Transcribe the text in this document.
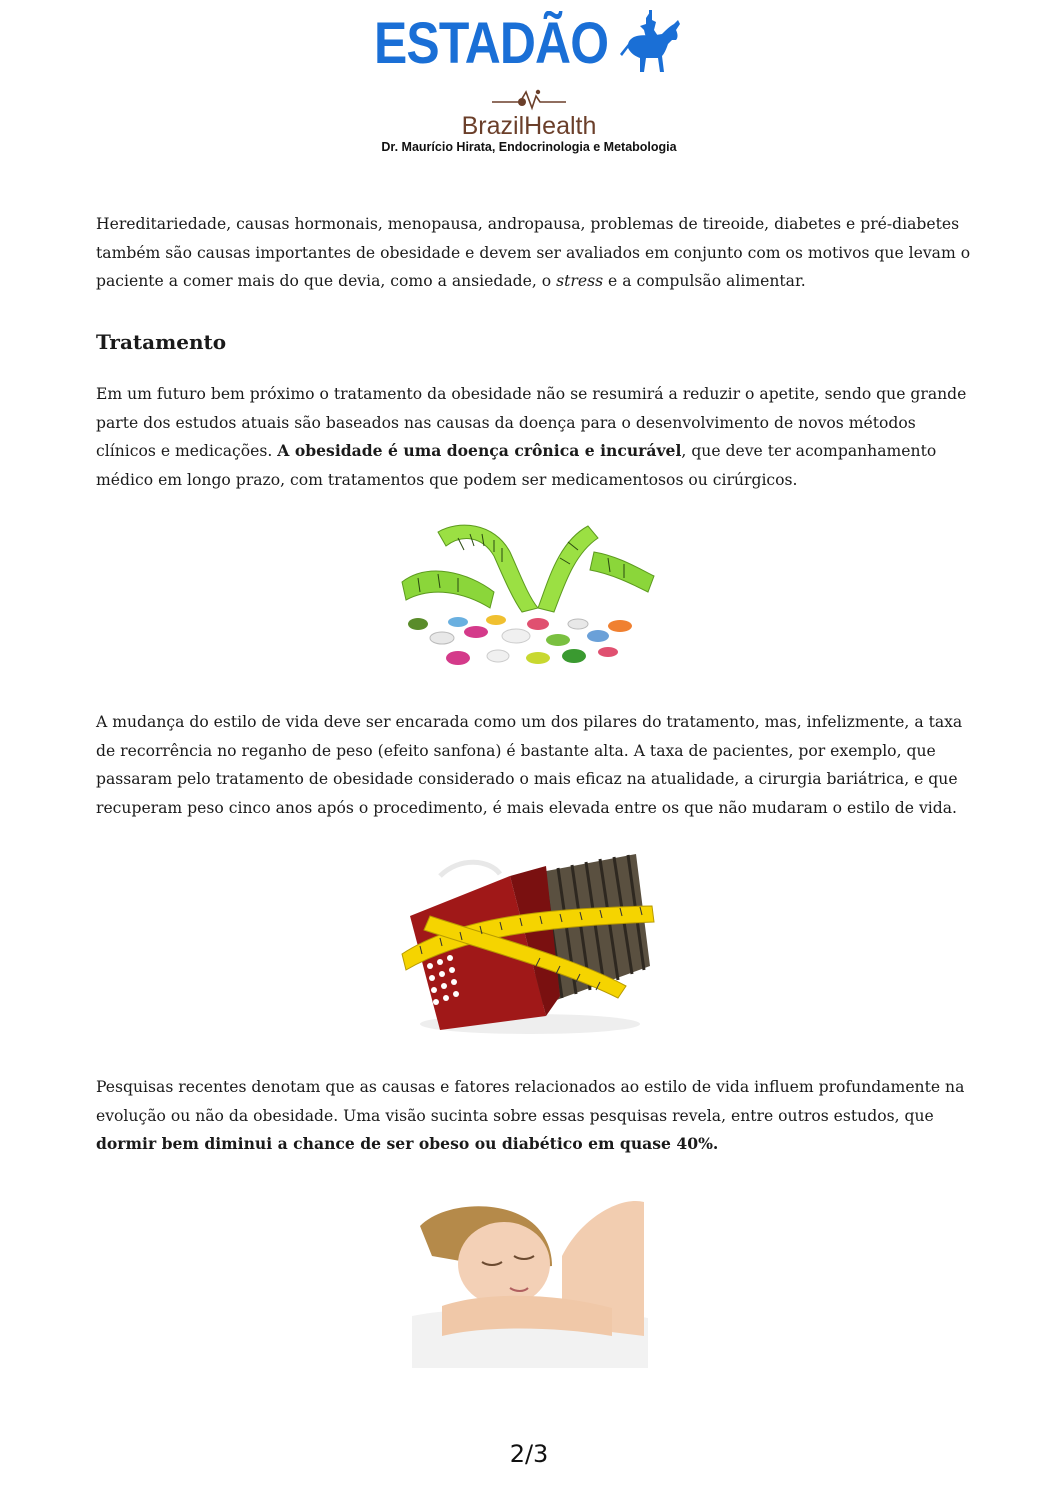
ESTADÃO
BrazilHealth
Dr. Maurício Hirata, Endocrinologia e Metabologia

Hereditariedade, causas hormonais, menopausa, andropausa, problemas de tireoide, diabetes e pré-diabetes também são causas importantes de obesidade e devem ser avaliados em conjunto com os motivos que levam o paciente a comer mais do que devia, como a ansiedade, o stress e a compulsão alimentar.

Tratamento

Em um futuro bem próximo o tratamento da obesidade não se resumirá a reduzir o apetite, sendo que grande parte dos estudos atuais são baseados nas causas da doença para o desenvolvimento de novos métodos clínicos e medicações. A obesidade é uma doença crônica e incurável, que deve ter acompanhamento médico em longo prazo, com tratamentos que podem ser medicamentosos ou cirúrgicos.

A mudança do estilo de vida deve ser encarada como um dos pilares do tratamento, mas, infelizmente, a taxa de recorrência no reganho de peso (efeito sanfona) é bastante alta. A taxa de pacientes, por exemplo, que passaram pelo tratamento de obesidade considerado o mais eficaz na atualidade, a cirurgia bariátrica, e que recuperam peso cinco anos após o procedimento, é mais elevada entre os que não mudaram o estilo de vida.

Pesquisas recentes denotam que as causas e fatores relacionados ao estilo de vida influem profundamente na evolução ou não da obesidade. Uma visão sucinta sobre essas pesquisas revela, entre outros estudos, que dormir bem diminui a chance de ser obeso ou diabético em quase 40%.

2/3
